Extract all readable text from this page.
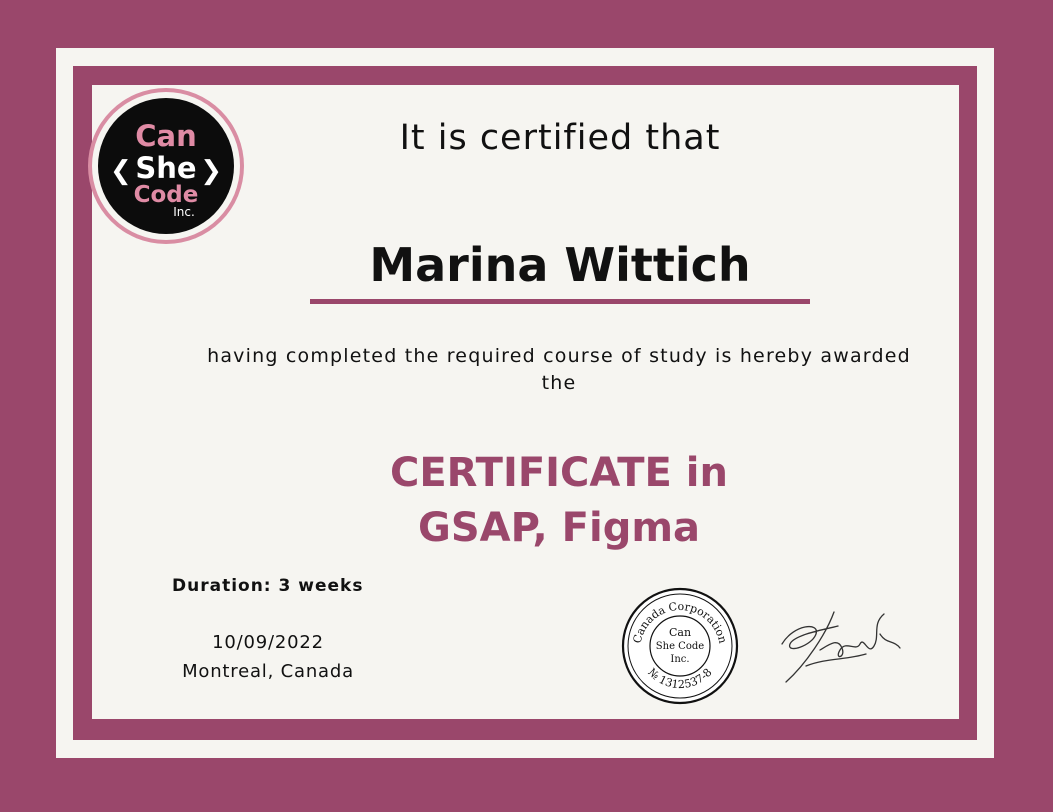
❮	❯
Can
She
Code
Inc.
It is certified that
Marina Wittich
having completed the required course of study is hereby awarded the
CERTIFICATE in
GSAP, Figma
Duration: 3 weeks
10/09/2022
Montreal, Canada
Canada Corporation
№ 1312537-8
Can
She Code
Inc.
